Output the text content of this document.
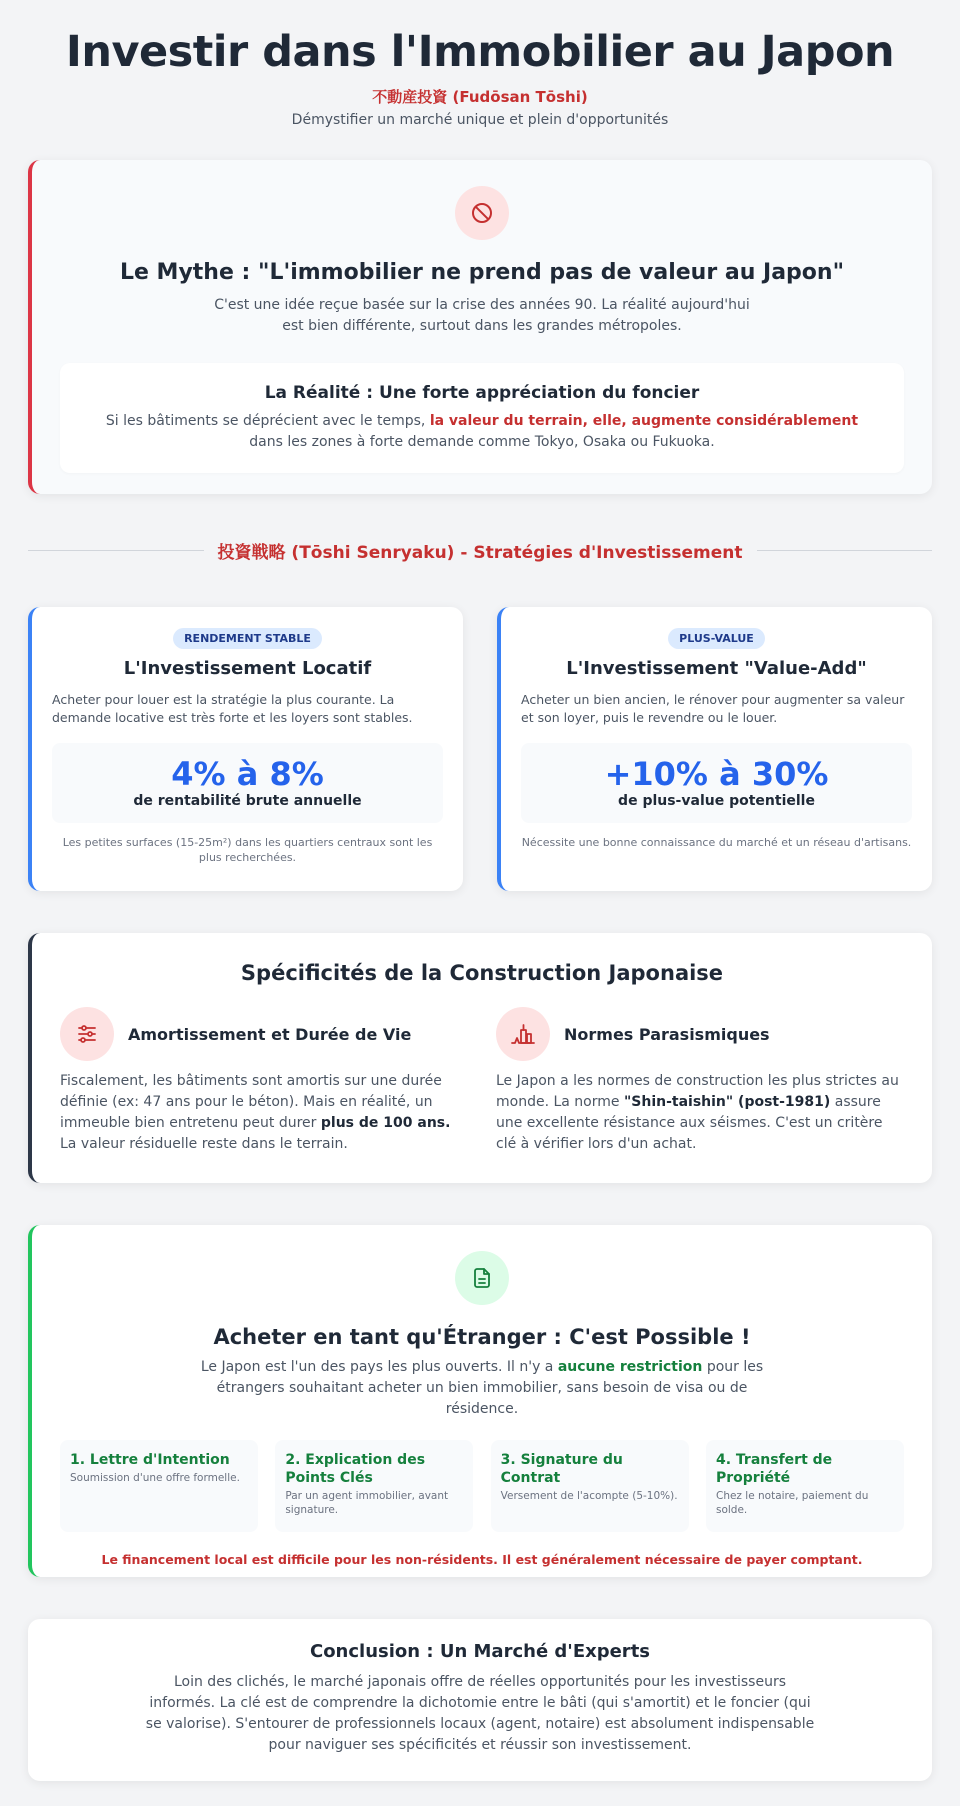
Investir dans l'Immobilier au Japon
不動産投資 (Fudōsan Tōshi)
Démystifier un marché unique et plein d'opportunités
Le Mythe : "L'immobilier ne prend pas de valeur au Japon"

C'est une idée reçue basée sur la crise des années 90. La réalité aujourd'hui est bien différente, surtout dans les grandes métropoles.

La Réalité : Une forte appréciation du foncier

Si les bâtiments se déprécient avec le temps, la valeur du terrain, elle, augmente considérablement dans les zones à forte demande comme Tokyo, Osaka ou Fukuoka.

投資戦略 (Tōshi Senryaku) - Stratégies d'Investissement
RENDEMENT STABLE
L'Investissement Locatif

Acheter pour louer est la stratégie la plus courante. La demande locative est très forte et les loyers sont stables.

4% à 8%
de rentabilité brute annuelle

Les petites surfaces (15-25m²) dans les quartiers centraux sont les plus recherchées.

PLUS-VALUE
L'Investissement "Value-Add"

Acheter un bien ancien, le rénover pour augmenter sa valeur et son loyer, puis le revendre ou le louer.

+10% à 30%
de plus-value potentielle

Nécessite une bonne connaissance du marché et un réseau d'artisans.

Spécificités de la Construction Japonaise
Amortissement et Durée de Vie

Fiscalement, les bâtiments sont amortis sur une durée définie (ex: 47 ans pour le béton). Mais en réalité, un immeuble bien entretenu peut durer plus de 100 ans. La valeur résiduelle reste dans le terrain.

Normes Parasismiques

Le Japon a les normes de construction les plus strictes au monde. La norme "Shin-taishin" (post-1981) assure une excellente résistance aux séismes. C'est un critère clé à vérifier lors d'un achat.

Acheter en tant qu'Étranger : C'est Possible !

Le Japon est l'un des pays les plus ouverts. Il n'y a aucune restriction pour les étrangers souhaitant acheter un bien immobilier, sans besoin de visa ou de résidence.

1. Lettre d'Intention

Soumission d'une offre formelle.

2. Explication des Points Clés

Par un agent immobilier, avant signature.

3. Signature du Contrat

Versement de l'acompte (5-10%).

4. Transfert de Propriété

Chez le notaire, paiement du solde.

Le financement local est difficile pour les non-résidents. Il est généralement nécessaire de payer comptant.

Conclusion : Un Marché d'Experts

Loin des clichés, le marché japonais offre de réelles opportunités pour les investisseurs informés. La clé est de comprendre la dichotomie entre le bâti (qui s'amortit) et le foncier (qui se valorise). S'entourer de professionnels locaux (agent, notaire) est absolument indispensable pour naviguer ses spécificités et réussir son investissement.
